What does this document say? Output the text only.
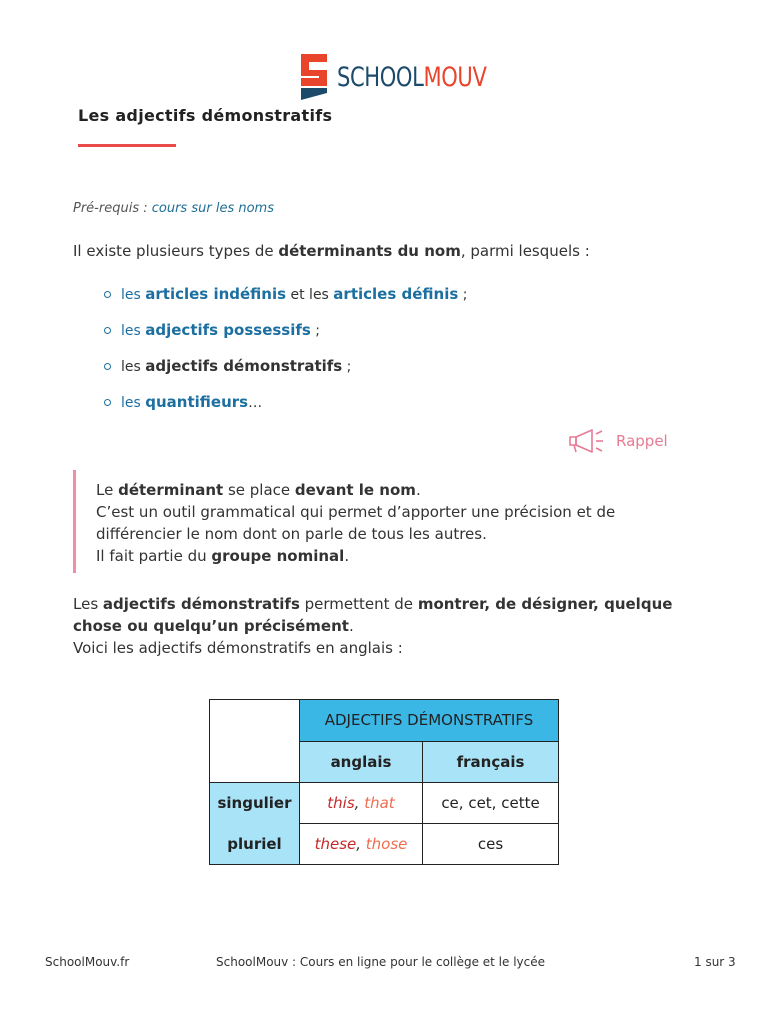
SCHOOLMOUV
Les adjectifs démonstratifs
Pré-requis : cours sur les noms
Il existe plusieurs types de déterminants du nom, parmi lesquels :
les articles indéfinis et les articles définis ;
les adjectifs possessifs ;
les adjectifs démonstratifs ;
les quantifieurs…
Rappel
Le déterminant se place devant le nom.
C’est un outil grammatical qui permet d’apporter une précision et de
différencier le nom dont on parle de tous les autres.
Il fait partie du groupe nominal.
Les adjectifs démonstratifs permettent de montrer, de désigner, quelque
chose ou quelqu’un précisément.
Voici les adjectifs démonstratifs en anglais :
	ADJECTIFS DÉMONSTRATIFS	
	anglais	français
singulier	this, that	ce, cet, cette
pluriel	these, those	ces
SchoolMouv.fr	SchoolMouv : Cours en ligne pour le collège et le lycée	1 sur 3
